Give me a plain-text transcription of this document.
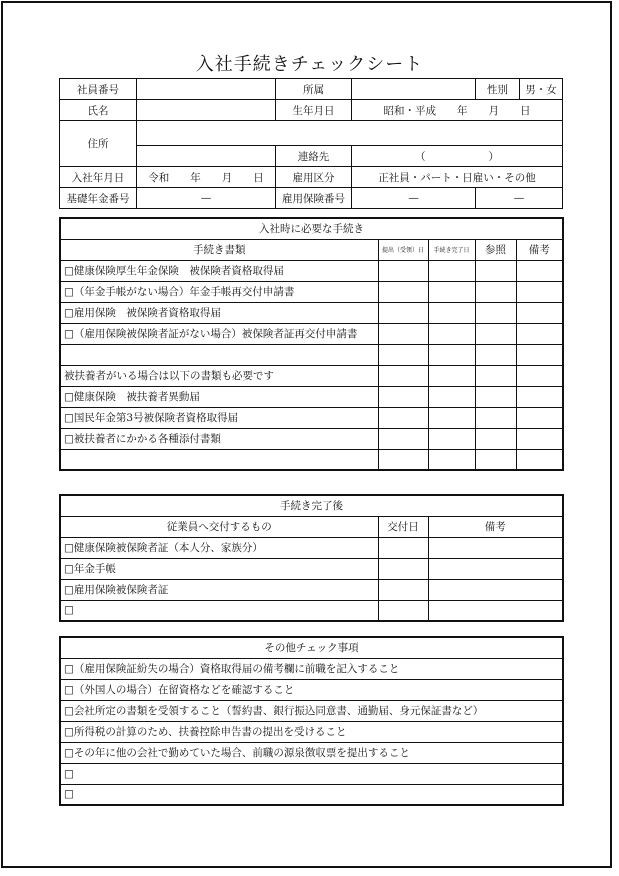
入社手続きチェックシート
社員番号		所属		性別	男・女
氏名		生年月日	昭和・平成　　年　　月　　日		
住所					
		連絡先	（　　　　　　）		
入社年月日	令和　　年　　月　　日	雇用区分	正社員・パート・日雇い・その他		
基礎年金番号	—	雇用保険番号	—	—	
入社時に必要な手続き				
手続き書類	提出（受領）日	手続き完了日	参照	備考
□健康保険厚生年金保険　被保険者資格取得届				
□（年金手帳がない場合）年金手帳再交付申請書				
□雇用保険　被保険者資格取得届				
□（雇用保険被保険者証がない場合）被保険者証再交付申請書				

被扶養者がいる場合は以下の書類も必要です				
□健康保険　被扶養者異動届				
□国民年金第3号被保険者資格取得届				
□被扶養者にかかる各種添付書類				

手続き完了後		
従業員へ交付するもの	交付日	備考
□健康保険被保険者証（本人分、家族分）		
□年金手帳		
□雇用保険被保険者証		
□		
その他チェック事項
□（雇用保険証紛失の場合）資格取得届の備考欄に前職を記入すること
□（外国人の場合）在留資格などを確認すること
□会社所定の書類を受領すること（誓約書、銀行振込同意書、通勤届、身元保証書など）
□所得税の計算のため、扶養控除申告書の提出を受けること
□その年に他の会社で勤めていた場合、前職の源泉徴収票を提出すること
□
□
